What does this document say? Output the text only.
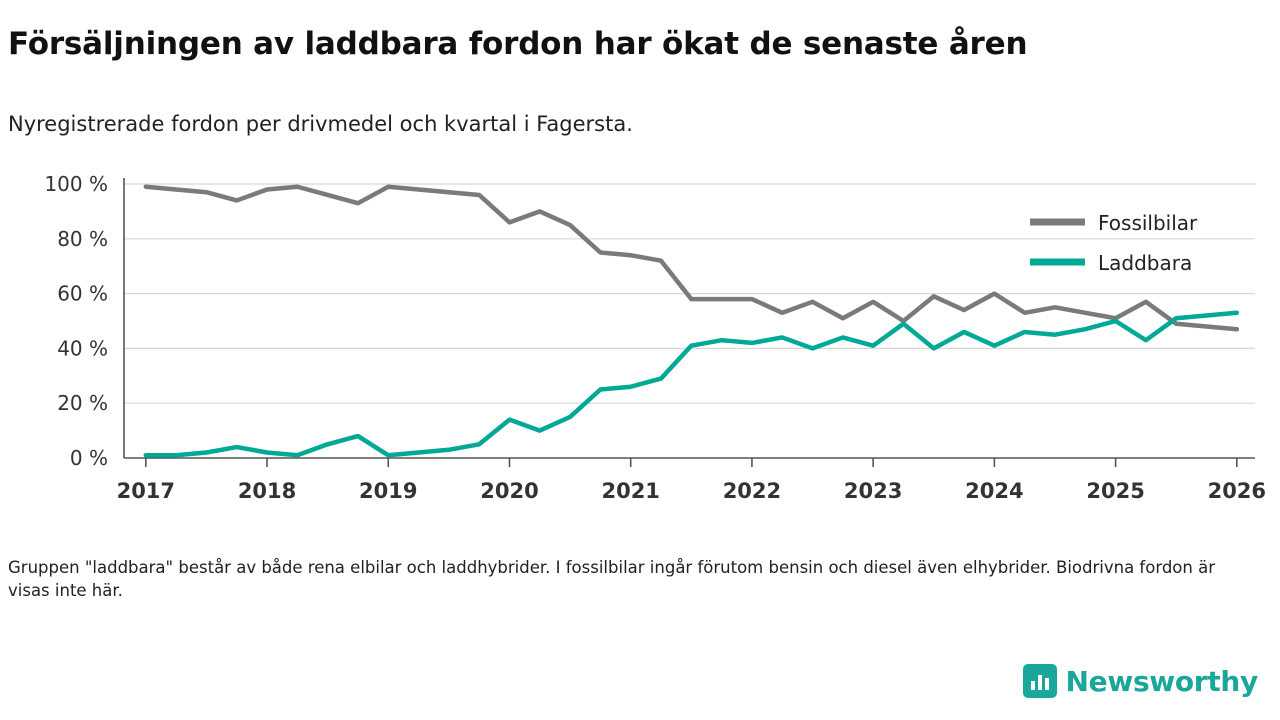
Försäljningen av laddbara fordon har ökat de senaste åren
Nyregistrerade fordon per drivmedel och kvartal i Fagersta.
0 %
20 %
40 %
60 %
80 %
100 %
2017	2018	2019	2020	2021	2022	2023	2024	2025	2026
Fossilbilar
Laddbara
Gruppen "laddbara" består av både rena elbilar och laddhybrider. I fossilbilar ingår förutom bensin och diesel även elhybrider. Biodrivna fordon är visas inte här.
Newsworthy
